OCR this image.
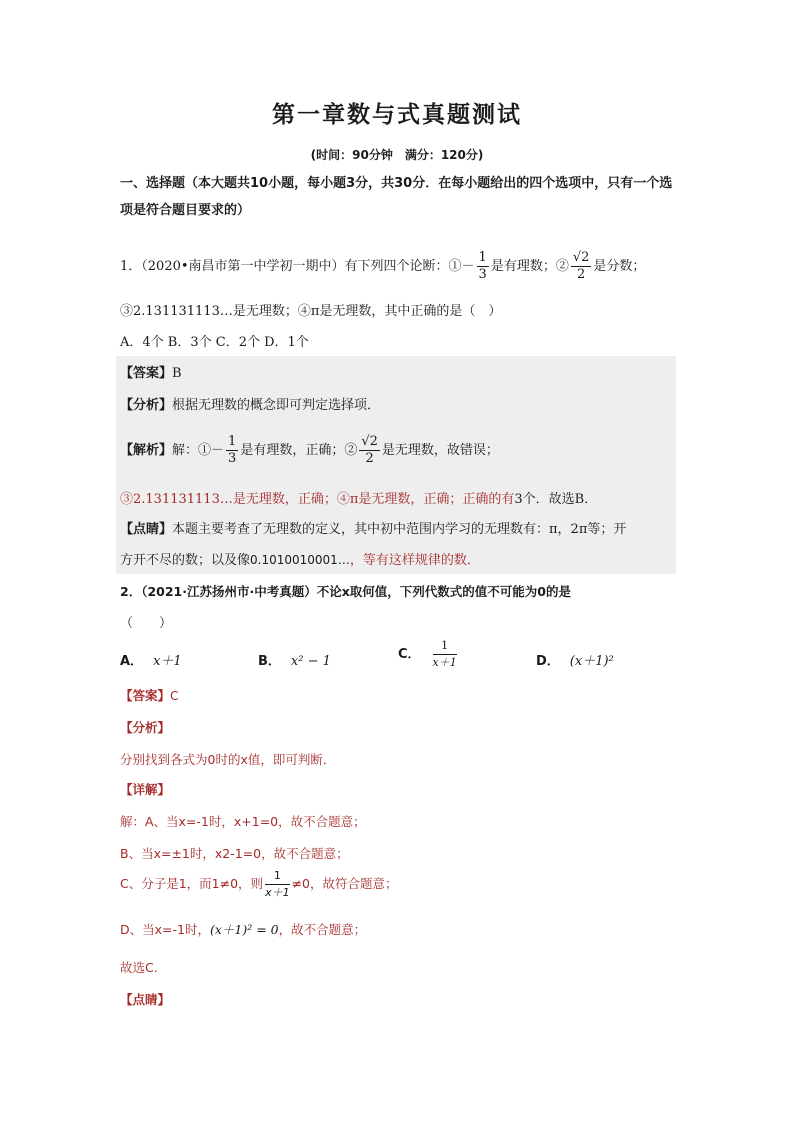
第一章数与式真题测试
(时间：90分钟　满分：120分)
一、选择题（本大题共10小题，每小题3分，共30分．在每小题给出的四个选项中，只有一个选项是符合题目要求的）
1．（2020•南昌市第一中学初一期中）有下列四个论断：①－ $\frac{1}{3}$ 是有理数；② $\frac{√2}{2}$ 是分数；
③2.131131113…是无理数；④π是无理数，其中正确的是（　）
A．4个 B．3个 C．2个 D．1个
【答案】B
【分析】根据无理数的概念即可判定选择项．
【解析】解：①－ $\frac{1}{3}$ 是有理数，正确；② $\frac{√2}{2}$ 是无理数，故错误；
③2.131131113…是无理数，正确；④π是无理数，正确；正确的有3个．故选B．
【点睛】本题主要考查了无理数的定义，其中初中范围内学习的无理数有：π，2π等；开
方开不尽的数；以及像0.1010010001…，等有这样规律的数．
2．（2021·江苏扬州市·中考真题）不论x取何值，下列代数式的值不可能为0的是
（　　）
A． x＋1	B． x² − 1	C． $\frac{1}{x+1}$	D． (x＋1)²
【答案】C
【分析】
分别找到各式为0时的x值，即可判断．
【详解】
解：A、当x=-1时，x+1=0，故不合题意；
B、当x=±1时，x2-1=0，故不合题意；
C、分子是1，而1≠0，则 $\frac{1}{x+1} \ne 0$，故符合题意；
D、当x=-1时，(x＋1)² = 0，故不合题意；
故选C.
【点睛】
